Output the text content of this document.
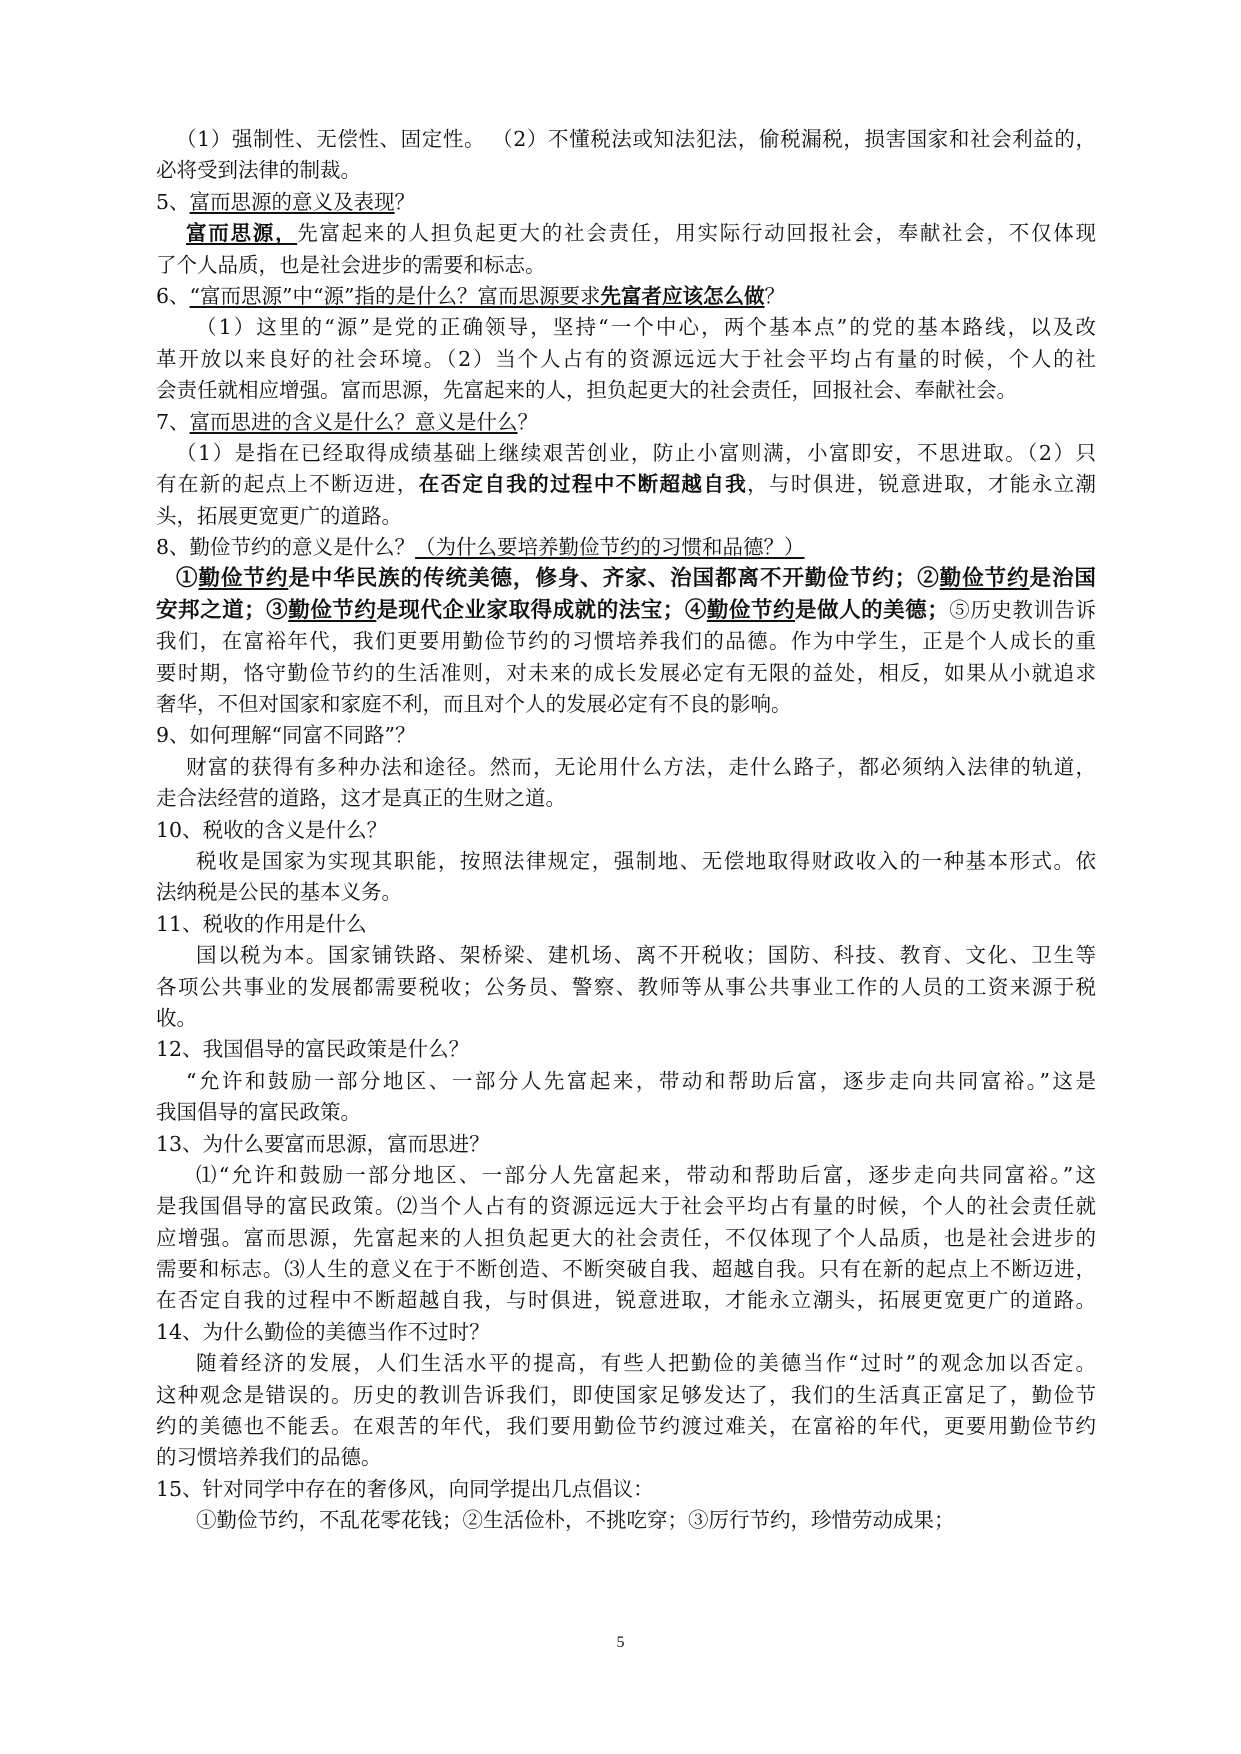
（1）强制性、无偿性、固定性。 （2）不懂税法或知法犯法，偷税漏税，损害国家和社会利益的，

必将受到法律的制裁。

5、富而思源的意义及表现？

富而思源，先富起来的人担负起更大的社会责任，用实际行动回报社会，奉献社会，不仅体现

了个人品质，也是社会进步的需要和标志。

6、“富而思源”中“源”指的是什么？富而思源要求先富者应该怎么做？

（1）这里的“源”是党的正确领导，坚持“一个中心，两个基本点”的党的基本路线，以及改

革开放以来良好的社会环境。（2）当个人占有的资源远远大于社会平均占有量的时候，个人的社

会责任就相应增强。富而思源，先富起来的人，担负起更大的社会责任，回报社会、奉献社会。

7、富而思进的含义是什么？意义是什么？

（1）是指在已经取得成绩基础上继续艰苦创业，防止小富则满，小富即安，不思进取。（2）只

有在新的起点上不断迈进，在否定自我的过程中不断超越自我，与时俱进，锐意进取，才能永立潮

头，拓展更宽更广的道路。

8、勤俭节约的意义是什么？（为什么要培养勤俭节约的习惯和品德？）

①勤俭节约是中华民族的传统美德，修身、齐家、治国都离不开勤俭节约；②勤俭节约是治国

安邦之道；③勤俭节约是现代企业家取得成就的法宝；④勤俭节约是做人的美德；⑤历史教训告诉

我们，在富裕年代，我们更要用勤俭节约的习惯培养我们的品德。作为中学生，正是个人成长的重

要时期，恪守勤俭节约的生活准则，对未来的成长发展必定有无限的益处，相反，如果从小就追求

奢华，不但对国家和家庭不利，而且对个人的发展必定有不良的影响。

9、如何理解“同富不同路”？

财富的获得有多种办法和途径。然而，无论用什么方法，走什么路子，都必须纳入法律的轨道，

走合法经营的道路，这才是真正的生财之道。

10、税收的含义是什么？

税收是国家为实现其职能，按照法律规定，强制地、无偿地取得财政收入的一种基本形式。依

法纳税是公民的基本义务。

11、税收的作用是什么

国以税为本。国家铺铁路、架桥梁、建机场、离不开税收；国防、科技、教育、文化、卫生等

各项公共事业的发展都需要税收；公务员、警察、教师等从事公共事业工作的人员的工资来源于税

收。

12、我国倡导的富民政策是什么？

“允许和鼓励一部分地区、一部分人先富起来，带动和帮助后富，逐步走向共同富裕。”这是

我国倡导的富民政策。

13、为什么要富而思源，富而思进？

⑴“允许和鼓励一部分地区、一部分人先富起来，带动和帮助后富，逐步走向共同富裕。”这

是我国倡导的富民政策。⑵当个人占有的资源远远大于社会平均占有量的时候，个人的社会责任就

应增强。富而思源，先富起来的人担负起更大的社会责任，不仅体现了个人品质，也是社会进步的

需要和标志。⑶人生的意义在于不断创造、不断突破自我、超越自我。只有在新的起点上不断迈进，

在否定自我的过程中不断超越自我，与时俱进，锐意进取，才能永立潮头，拓展更宽更广的道路。

14、为什么勤俭的美德当作不过时？

随着经济的发展，人们生活水平的提高，有些人把勤俭的美德当作“过时”的观念加以否定。

这种观念是错误的。历史的教训告诉我们，即使国家足够发达了，我们的生活真正富足了，勤俭节

约的美德也不能丢。在艰苦的年代，我们要用勤俭节约渡过难关，在富裕的年代，更要用勤俭节约

的习惯培养我们的品德。

15、针对同学中存在的奢侈风，向同学提出几点倡议：

①勤俭节约，不乱花零花钱；②生活俭朴，不挑吃穿；③厉行节约，珍惜劳动成果；

5
